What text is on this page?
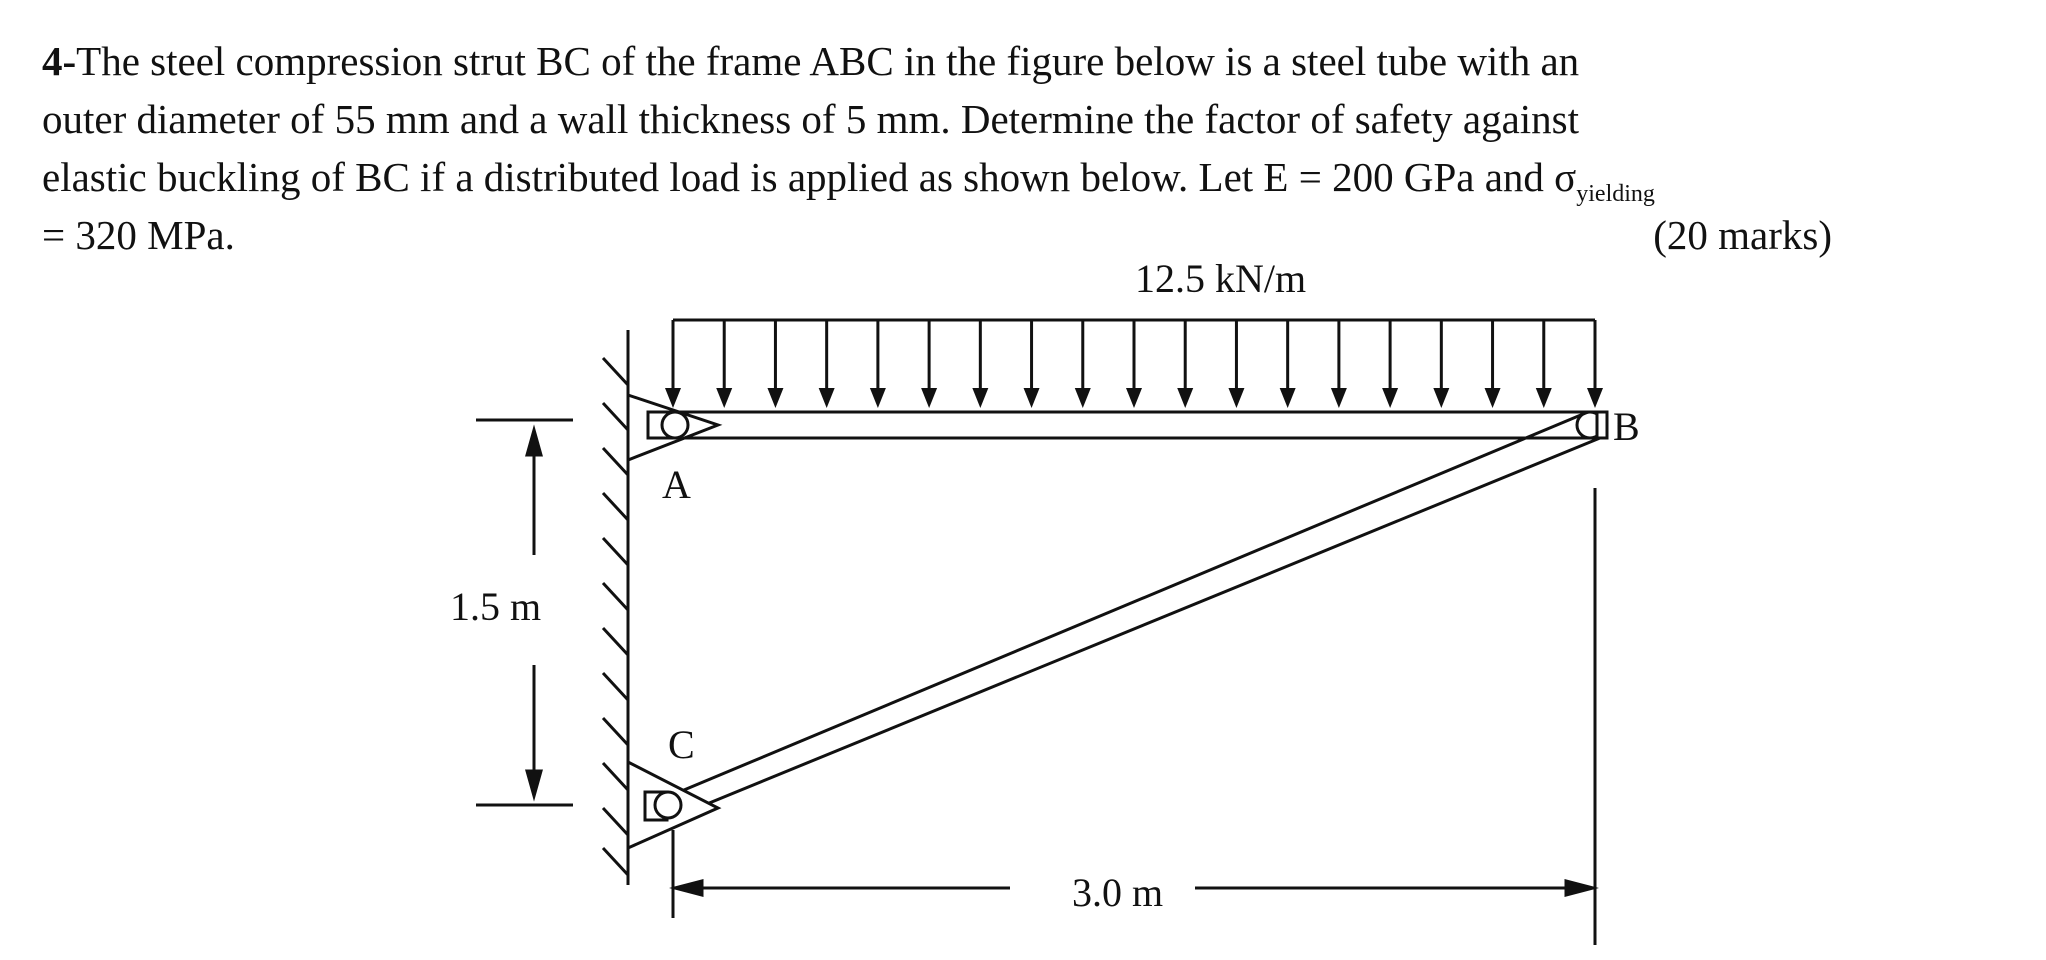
4-The steel compression strut BC of the frame ABC in the figure below is a steel tube with an
outer diameter of 55 mm and a wall thickness of 5 mm. Determine the factor of safety against
elastic buckling of BC if a distributed load is applied as shown below. Let E = 200 GPa and $\sigma_{yielding}$
= 320 MPa.	(20 marks)
12.5 kN/m
A
B
C
1.5 m
3.0 m
